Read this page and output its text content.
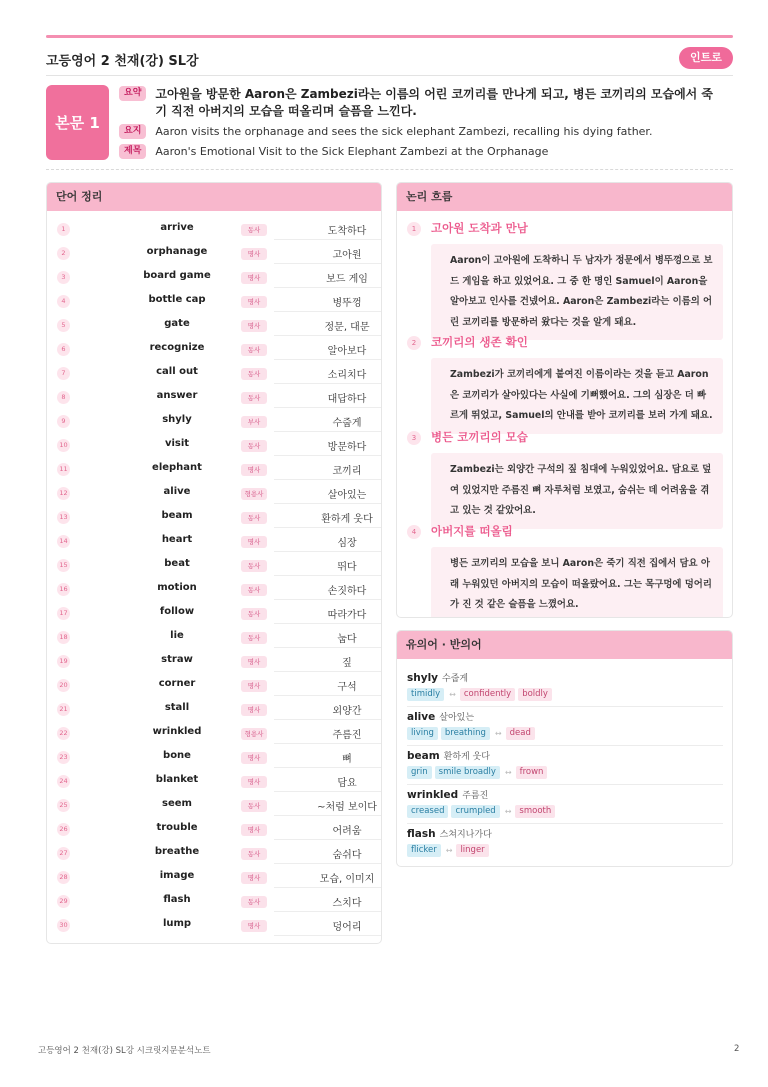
고등영어 2 천재(강) SL강	인트로
본문 1
요약	고아원을 방문한 Aaron은 Zambezi라는 이름의 어린 코끼리를 만나게 되고, 병든 코끼리의 모습에서 죽기 직전 아버지의 모습을 떠올리며 슬픔을 느낀다.
요지	Aaron visits the orphanage and sees the sick elephant Zambezi, recalling his dying father.
제목	Aaron's Emotional Visit to the Sick Elephant Zambezi at the Orphanage
단어 정리
1	arrive	동사	도착하다
2	orphanage	명사	고아원
3	board game	명사	보드 게임
4	bottle cap	명사	병뚜껑
5	gate	명사	정문, 대문
6	recognize	동사	알아보다
7	call out	동사	소리치다
8	answer	동사	대답하다
9	shyly	부사	수줍게
10	visit	동사	방문하다
11	elephant	명사	코끼리
12	alive	형용사	살아있는
13	beam	동사	환하게 웃다
14	heart	명사	심장
15	beat	동사	뛰다
16	motion	동사	손짓하다
17	follow	동사	따라가다
18	lie	동사	눕다
19	straw	명사	짚
20	corner	명사	구석
21	stall	명사	외양간
22	wrinkled	형용사	주름진
23	bone	명사	뼈
24	blanket	명사	담요
25	seem	동사	~처럼 보이다
26	trouble	명사	어려움
27	breathe	동사	숨쉬다
28	image	명사	모습, 이미지
29	flash	동사	스치다
30	lump	명사	덩어리
논리 흐름
1	고아원 도착과 만남
Aaron이 고아원에 도착하니 두 남자가 정문에서 병뚜껑으로 보드 게임을 하고 있었어요. 그 중 한 명인 Samuel이 Aaron을 알아보고 인사를 건넸어요. Aaron은 Zambezi라는 이름의 어린 코끼리를 방문하러 왔다는 것을 알게 돼요.
2	코끼리의 생존 확인
Zambezi가 코끼리에게 붙여진 이름이라는 것을 듣고 Aaron은 코끼리가 살아있다는 사실에 기뻐했어요. 그의 심장은 더 빠르게 뛰었고, Samuel의 안내를 받아 코끼리를 보러 가게 돼요.
3	병든 코끼리의 모습
Zambezi는 외양간 구석의 짚 침대에 누워있었어요. 담요로 덮여 있었지만 주름진 뼈 자루처럼 보였고, 숨쉬는 데 어려움을 겪고 있는 것 같았어요.
4	아버지를 떠올림
병든 코끼리의 모습을 보니 Aaron은 죽기 직전 집에서 담요 아래 누워있던 아버지의 모습이 떠올랐어요. 그는 목구멍에 덩어리가 진 것 같은 슬픔을 느꼈어요.
유의어 · 반의어
shyly 수줍게
timidly	↔ confidently	boldly
alive 살아있는
living	breathing	↔ dead
beam 환하게 웃다
grin	smile broadly	↔ frown
wrinkled 주름진
creased	crumpled	↔ smooth
flash 스쳐지나가다
flicker	↔ linger
고등영어 2 천재(강) SL강 시크릿지문분석노트	2
